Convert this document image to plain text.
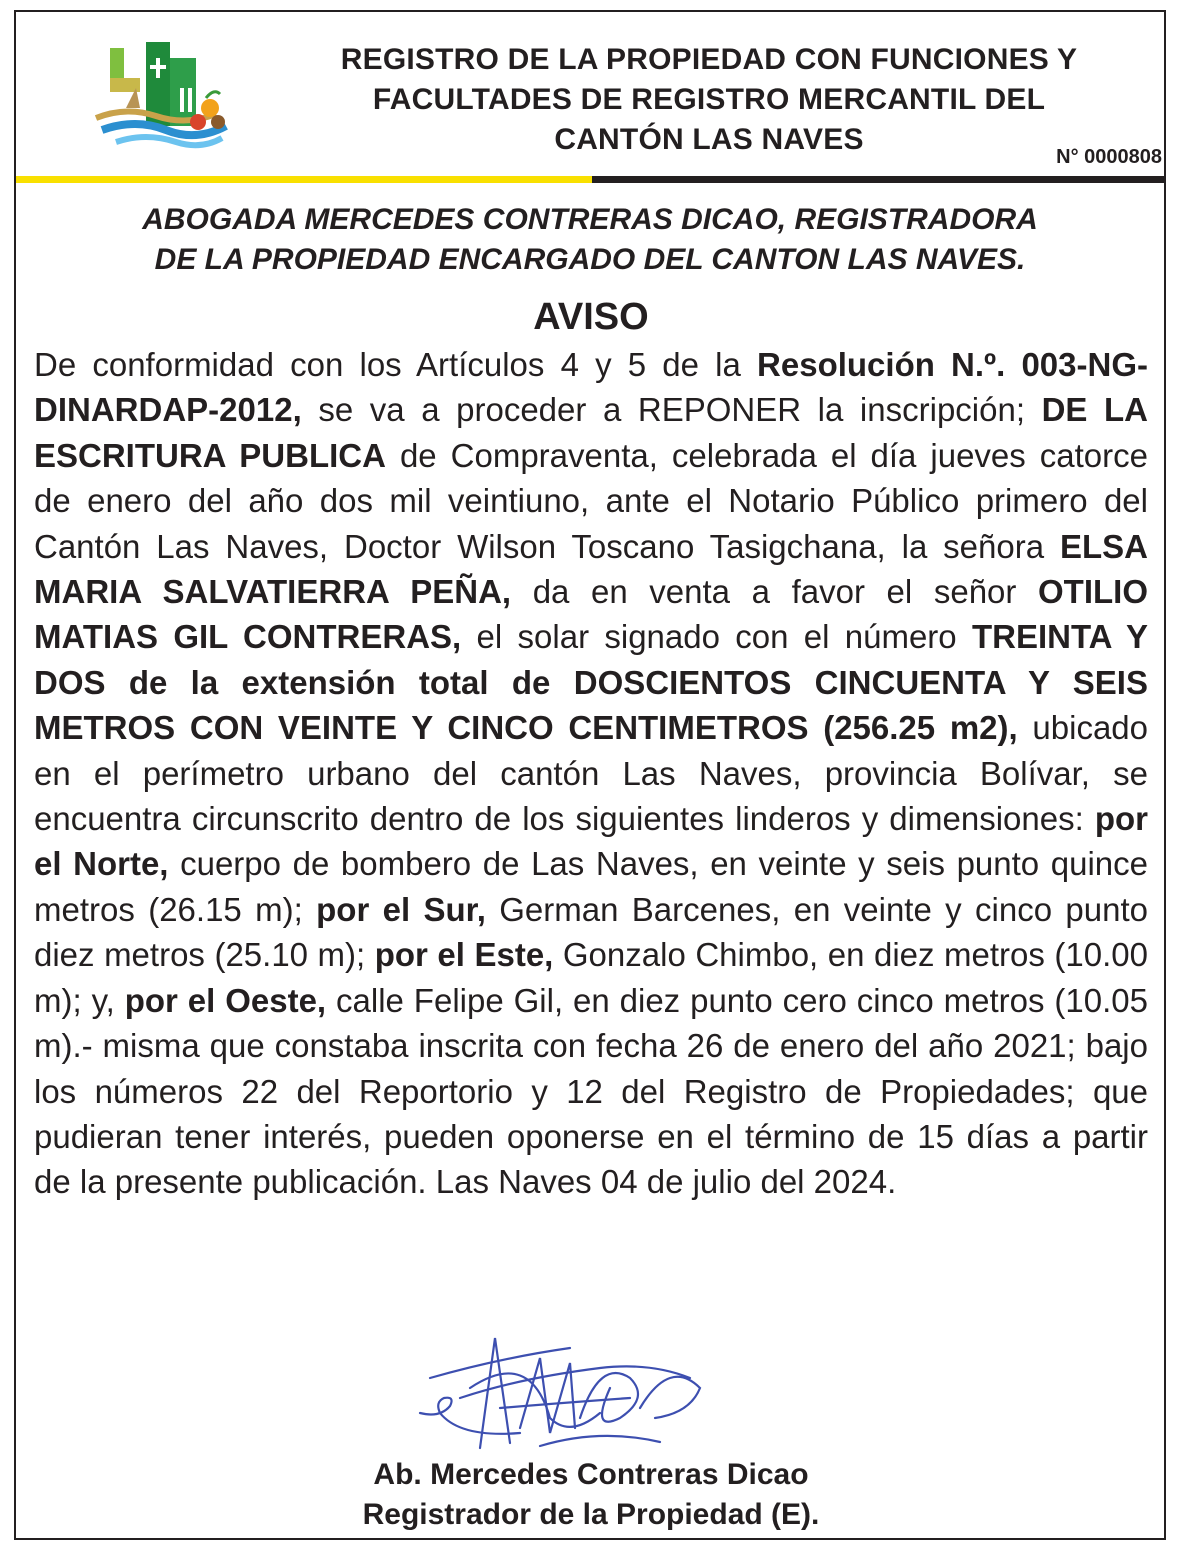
REGISTRO DE LA PROPIEDAD CON FUNCIONES Y
FACULTADES DE REGISTRO MERCANTIL DEL
CANTÓN LAS NAVES
N° 0000808
ABOGADA MERCEDES CONTRERAS DICAO, REGISTRADORA
DE LA PROPIEDAD ENCARGADO DEL CANTON LAS NAVES.
AVISO
De conformidad con los Artículos 4 y 5 de la Resolución N.º. 003-NG- DINARDAP-2012, se va a proceder a REPONER la inscripción; DE LA ESCRITURA PUBLICA de Compraventa, celebrada el día jueves catorce de enero del año dos mil veintiuno, ante el Notario Público primero del Cantón Las Naves, Doctor Wilson Toscano Tasigchana, la señora ELSA MARIA SALVATIERRA PEÑA, da en venta a favor el señor OTILIO MATIAS GIL CONTRERAS, el solar signado con el número TREINTA Y DOS de la extensión total de DOSCIENTOS CINCUENTA Y SEIS METROS CON VEINTE Y CINCO CENTIMETROS (256.25 m2), ubicado en el perímetro urbano del cantón Las Naves, provincia Bolívar, se encuentra circunscrito dentro de los siguientes linderos y dimensiones: por el Norte, cuerpo de bombero de Las Naves, en veinte y seis punto quince metros (26.15 m); por el Sur, German Barcenes, en veinte y cinco punto diez metros (25.10 m); por el Este, Gonzalo Chimbo, en diez metros (10.00 m); y, por el Oeste, calle Felipe Gil, en diez punto cero cinco metros (10.05 m).- misma que constaba inscrita con fecha 26 de enero del año 2021; bajo los números 22 del Reportorio y 12 del Registro de Propiedades; que pudieran tener interés, pueden oponerse en el término de 15 días a partir de la presente publicación. Las Naves 04 de julio del 2024.
Ab. Mercedes Contreras Dicao
Registrador de la Propiedad (E).
